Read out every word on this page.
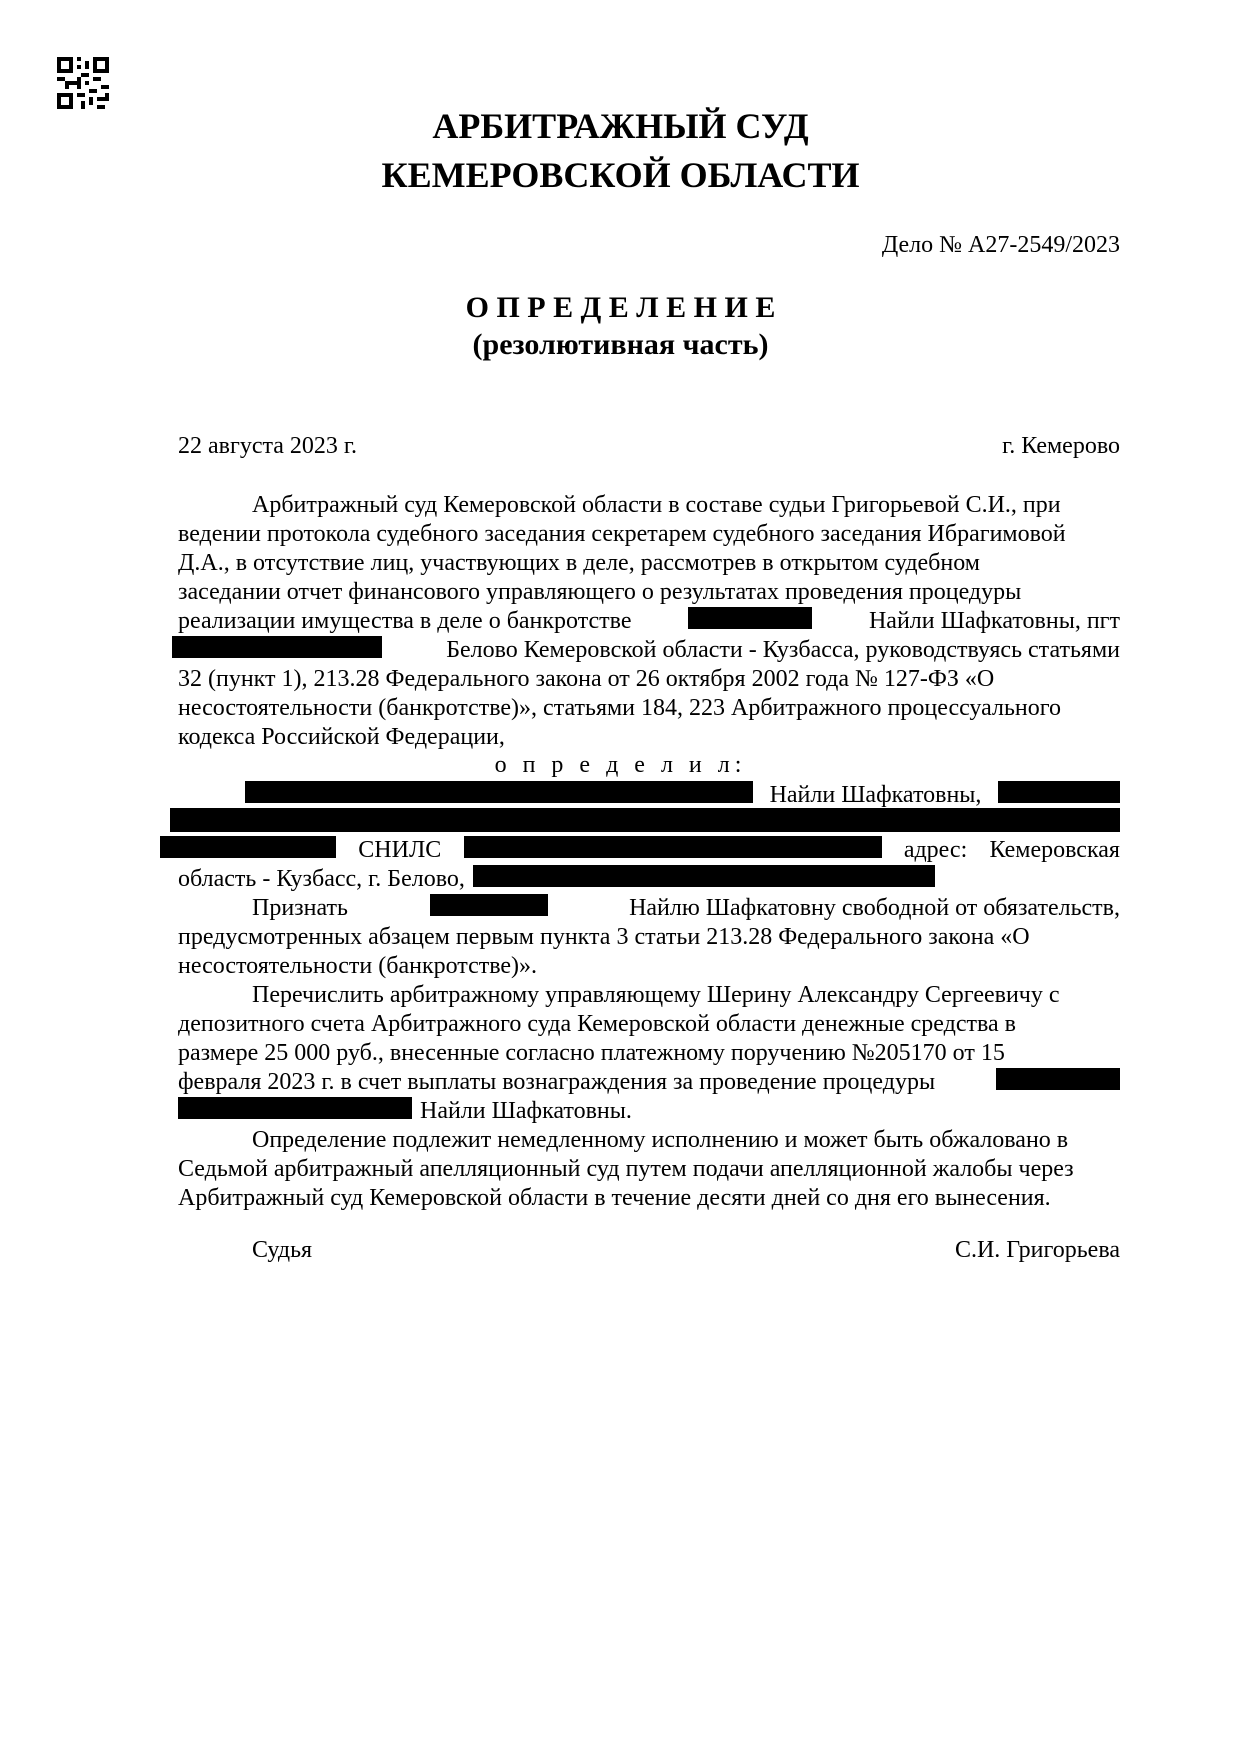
АРБИТРАЖНЫЙ СУД
КЕМЕРОВСКОЙ ОБЛАСТИ
Дело № А27-2549/2023
О П Р Е Д Е Л Е Н И Е
(резолютивная часть)
22 августа 2023 г.	г. Кемерово
Арбитражный суд Кемеровской области в составе судьи Григорьевой С.И., при
ведении протокола судебного заседания секретарем судебного заседания Ибрагимовой
Д.А., в отсутствие лиц, участвующих в деле, рассмотрев в открытом судебном
заседании отчет финансового управляющего о результатах проведения процедуры
реализации имущества в деле о банкротстве	Найли Шафкатовны, пгт
Белово Кемеровской области - Кузбасса, руководствуясь статьями
32 (пункт 1), 213.28 Федерального закона от 26 октября 2002 года № 127-ФЗ «О
несостоятельности (банкротстве)», статьями 184, 223 Арбитражного процессуального
кодекса Российской Федерации,
о п р е д е л и л:
Найли Шафкатовны,
СНИЛС	адрес: Кемеровская
область - Кузбасс, г. Белово,
Признать	Найлю Шафкатовну свободной от обязательств,
предусмотренных абзацем первым пункта 3 статьи 213.28 Федерального закона «О
несостоятельности (банкротстве)».
Перечислить арбитражному управляющему Шерину Александру Сергеевичу с
депозитного счета Арбитражного суда Кемеровской области денежные средства в
размере 25 000 руб., внесенные согласно платежному поручению №205170 от 15
февраля 2023 г. в счет выплаты вознаграждения за проведение процедуры
Найли Шафкатовны.
Определение подлежит немедленному исполнению и может быть обжаловано в
Седьмой арбитражный апелляционный суд путем подачи апелляционной жалобы через
Арбитражный суд Кемеровской области в течение десяти дней со дня его вынесения.
Судья	С.И. Григорьева
